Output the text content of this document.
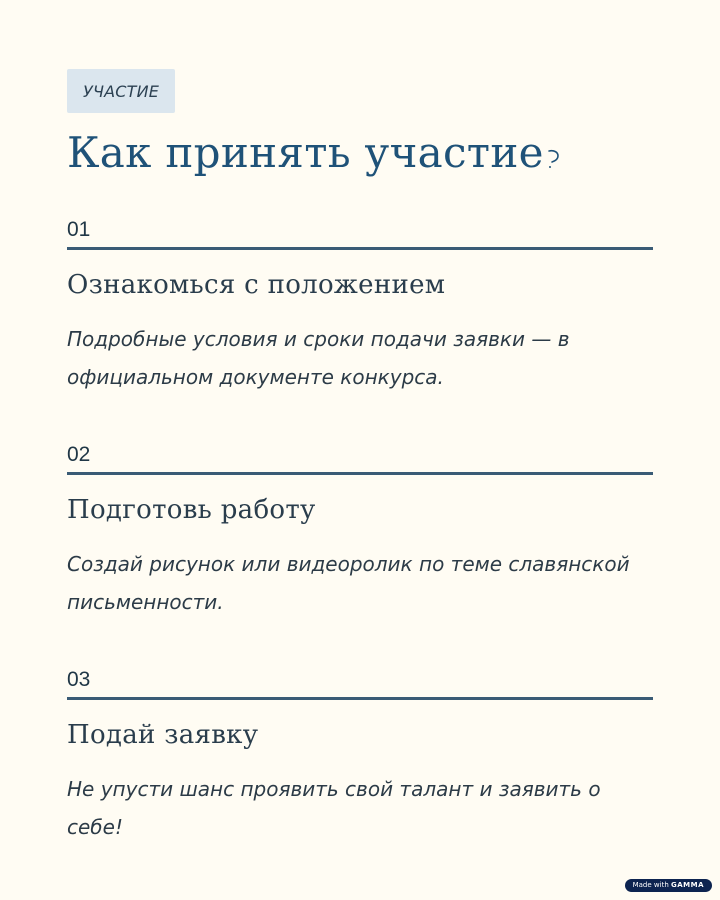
УЧАСТИЕ
Как принять участие
01
Ознакомься с положением
Подробные условия и сроки подачи заявки — в официальном документе конкурса.
02
Подготовь работу
Создай рисунок или видеоролик по теме славянской письменности.
03
Подай заявку
Не упусти шанс проявить свой талант и заявить о себе!
Made with GAMMA
